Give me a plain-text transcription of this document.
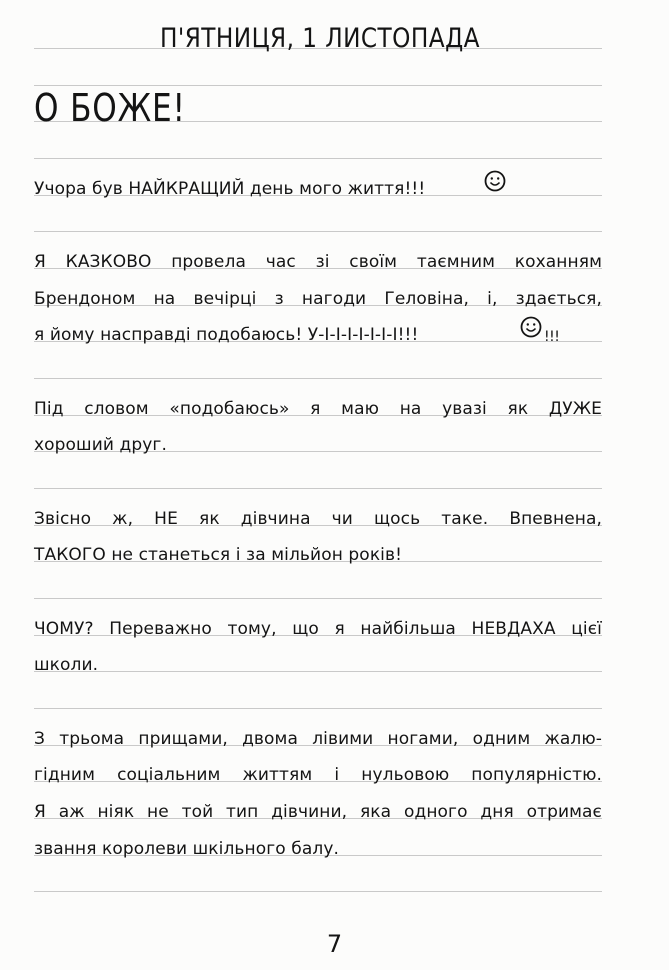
П'ЯТНИЦЯ, 1 ЛИСТОПАДА
О БОЖЕ!
Учора був НАЙКРАЩИЙ день мого життя!!!
Я КАЗКОВО провела час зі своїм таємним коханням
Брендоном на вечірці з нагоди Геловіна, і, здається,
я йому насправді подобаюсь! У-І-І-І-І-І-І-І!!!	!!!
Під словом «подобаюсь» я маю на увазі як ДУЖЕ
хороший друг.
Звісно ж, НЕ як дівчина чи щось таке. Впевнена,
ТАКОГО не станеться і за мільйон років!
ЧОМУ? Переважно тому, що я найбільша НЕВДАХА цієї
школи.
З трьома прищами, двома лівими ногами, одним жалю-
гідним соціальним життям і нульовою популярністю.
Я аж ніяк не той тип дівчини, яка одного дня отримає
звання королеви шкільного балу.
7
